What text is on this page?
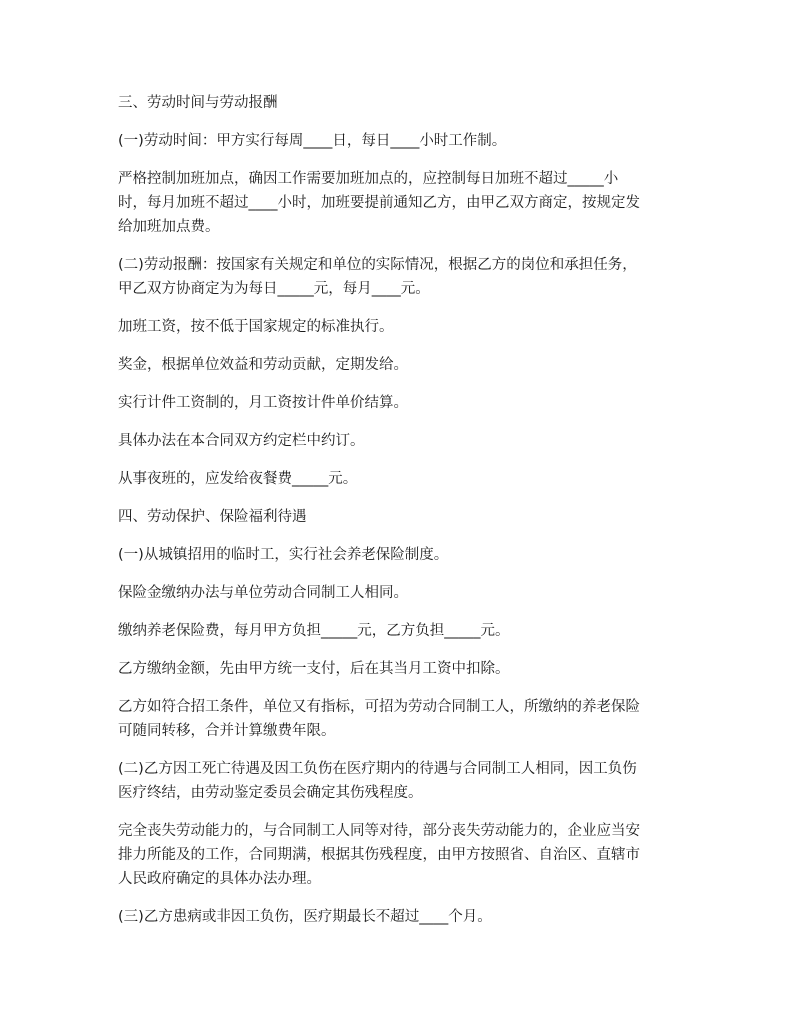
三、劳动时间与劳动报酬

(一)劳动时间：甲方实行每周____日，每日____小时工作制。

严格控制加班加点，确因工作需要加班加点的，应控制每日加班不超过_____小
时，每月加班不超过____小时，加班要提前通知乙方，由甲乙双方商定，按规定发
给加班加点费。

(二)劳动报酬：按国家有关规定和单位的实际情况，根据乙方的岗位和承担任务，
甲乙双方协商定为为每日_____元，每月____元。

加班工资，按不低于国家规定的标准执行。

奖金，根据单位效益和劳动贡献，定期发给。

实行计件工资制的，月工资按计件单价结算。

具体办法在本合同双方约定栏中约订。

从事夜班的，应发给夜餐费_____元。

四、劳动保护、保险福利待遇

(一)从城镇招用的临时工，实行社会养老保险制度。

保险金缴纳办法与单位劳动合同制工人相同。

缴纳养老保险费，每月甲方负担_____元，乙方负担_____元。

乙方缴纳金额，先由甲方统一支付，后在其当月工资中扣除。

乙方如符合招工条件，单位又有指标，可招为劳动合同制工人，所缴纳的养老保险
可随同转移，合并计算缴费年限。

(二)乙方因工死亡待遇及因工负伤在医疗期内的待遇与合同制工人相同，因工负伤
医疗终结，由劳动鉴定委员会确定其伤残程度。

完全丧失劳动能力的，与合同制工人同等对待，部分丧失劳动能力的，企业应当安
排力所能及的工作，合同期满，根据其伤残程度，由甲方按照省、自治区、直辖市
人民政府确定的具体办法办理。

(三)乙方患病或非因工负伤，医疗期最长不超过____个月。
